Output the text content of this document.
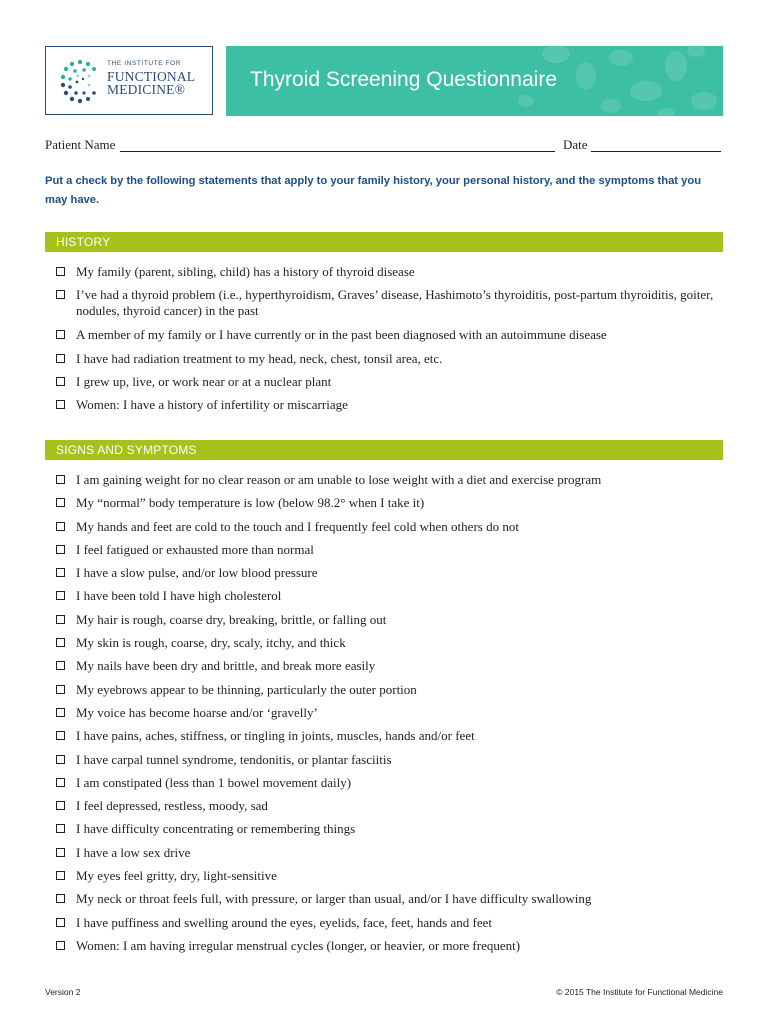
THE INSTITUTE FOR
FUNCTIONAL
MEDICINE®	Thyroid Screening Questionnaire
Patient Name	Date
Put a check by the following statements that apply to your family history, your personal history, and the symptoms that you may have.
HISTORY
My family (parent, sibling, child) has a history of thyroid disease
I’ve had a thyroid problem (i.e., hyperthyroidism, Graves’ disease, Hashimoto’s thyroiditis, post-partum thyroiditis, goiter, nodules, thyroid cancer) in the past
A member of my family or I have currently or in the past been diagnosed with an autoimmune disease
I have had radiation treatment to my head, neck, chest, tonsil area, etc.
I grew up, live, or work near or at a nuclear plant
Women: I have a history of infertility or miscarriage
SIGNS AND SYMPTOMS
I am gaining weight for no clear reason or am unable to lose weight with a diet and exercise program
My “normal” body temperature is low (below 98.2° when I take it)
My hands and feet are cold to the touch and I frequently feel cold when others do not
I feel fatigued or exhausted more than normal
I have a slow pulse, and/or low blood pressure
I have been told I have high cholesterol
My hair is rough, coarse dry, breaking, brittle, or falling out
My skin is rough, coarse, dry, scaly, itchy, and thick
My nails have been dry and brittle, and break more easily
My eyebrows appear to be thinning, particularly the outer portion
My voice has become hoarse and/or ‘gravelly’
I have pains, aches, stiffness, or tingling in joints, muscles, hands and/or feet
I have carpal tunnel syndrome, tendonitis, or plantar fasciitis
I am constipated (less than 1 bowel movement daily)
I feel depressed, restless, moody, sad
I have difficulty concentrating or remembering things
I have a low sex drive
My eyes feel gritty, dry, light-sensitive
My neck or throat feels full, with pressure, or larger than usual, and/or I have difficulty swallowing
I have puffiness and swelling around the eyes, eyelids, face, feet, hands and feet
Women: I am having irregular menstrual cycles (longer, or heavier, or more frequent)
Version 2	© 2015 The Institute for Functional Medicine
